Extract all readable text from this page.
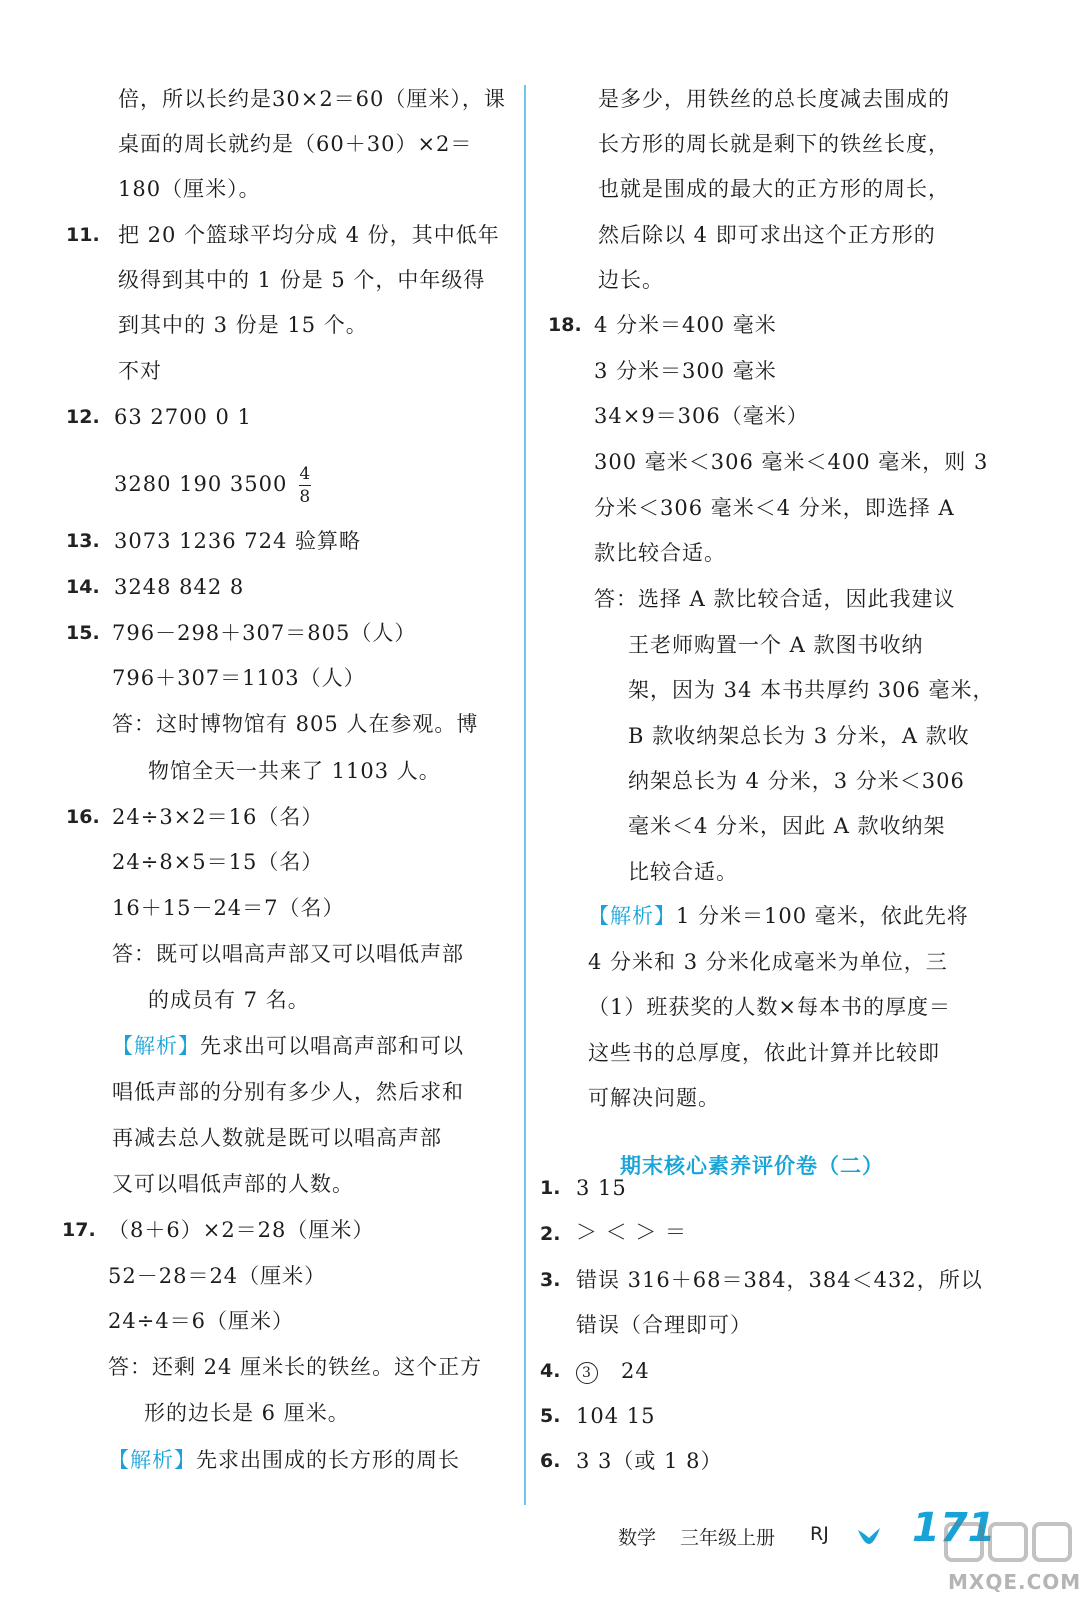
倍，所以长约是30×2＝60（厘米），课
桌面的周长就约是（60＋30）×2＝
180（厘米）。
11. 把 20 个篮球平均分成 4 份，其中低年
级得到其中的 1 份是 5 个，中年级得
到其中的 3 份是 15 个。
不对
12. 63 2700 0 1
3280 190 $3500 \frac{4}{8}$
13. 3073 1236 724 验算略
14. 3248 842 8
15. 796－298＋307＝805（人）
796＋307＝1103（人）
答：这时博物馆有 805 人在参观。博
物馆全天一共来了 1103 人。
16. 24÷3×2＝16（名）
24÷8×5＝15（名）
16＋15－24＝7（名）
答：既可以唱高声部又可以唱低声部
的成员有 7 名。
【解析】先求出可以唱高声部和可以
唱低声部的分别有多少人，然后求和
再减去总人数就是既可以唱高声部
又可以唱低声部的人数。
17. （8＋6）×2＝28（厘米）
52－28＝24（厘米）
24÷4＝6（厘米）
答：还剩 24 厘米长的铁丝。这个正方
形的边长是 6 厘米。
【解析】先求出围成的长方形的周长
是多少，用铁丝的总长度减去围成的
长方形的周长就是剩下的铁丝长度，
也就是围成的最大的正方形的周长，
然后除以 4 即可求出这个正方形的
边长。
18. 4 分米＝400 毫米
3 分米＝300 毫米
34×9＝306（毫米）
300 毫米＜306 毫米＜400 毫米，则 3
分米＜306 毫米＜4 分米，即选择 A
款比较合适。
答：选择 A 款比较合适，因此我建议
王老师购置一个 A 款图书收纳
架，因为 34 本书共厚约 306 毫米，
B 款收纳架总长为 3 分米，A 款收
纳架总长为 4 分米，3 分米＜306
毫米＜4 分米，因此 A 款收纳架
比较合适。
【解析】1 分米＝100 毫米，依此先将
4 分米和 3 分米化成毫米为单位，三
（1）班获奖的人数×每本书的厚度＝
这些书的总厚度，依此计算并比较即
可解决问题。
1. 3 15
2. ＞ ＜ ＞ ＝
3. 错误 316＋68＝384，384＜432，所以
错误（合理即可）
4.	3 24
5. 104 15
6. 3 3（或 1 8）
期末核心素养评价卷（二）
数学 三年级上册 RJ 171
MXQE.COM
